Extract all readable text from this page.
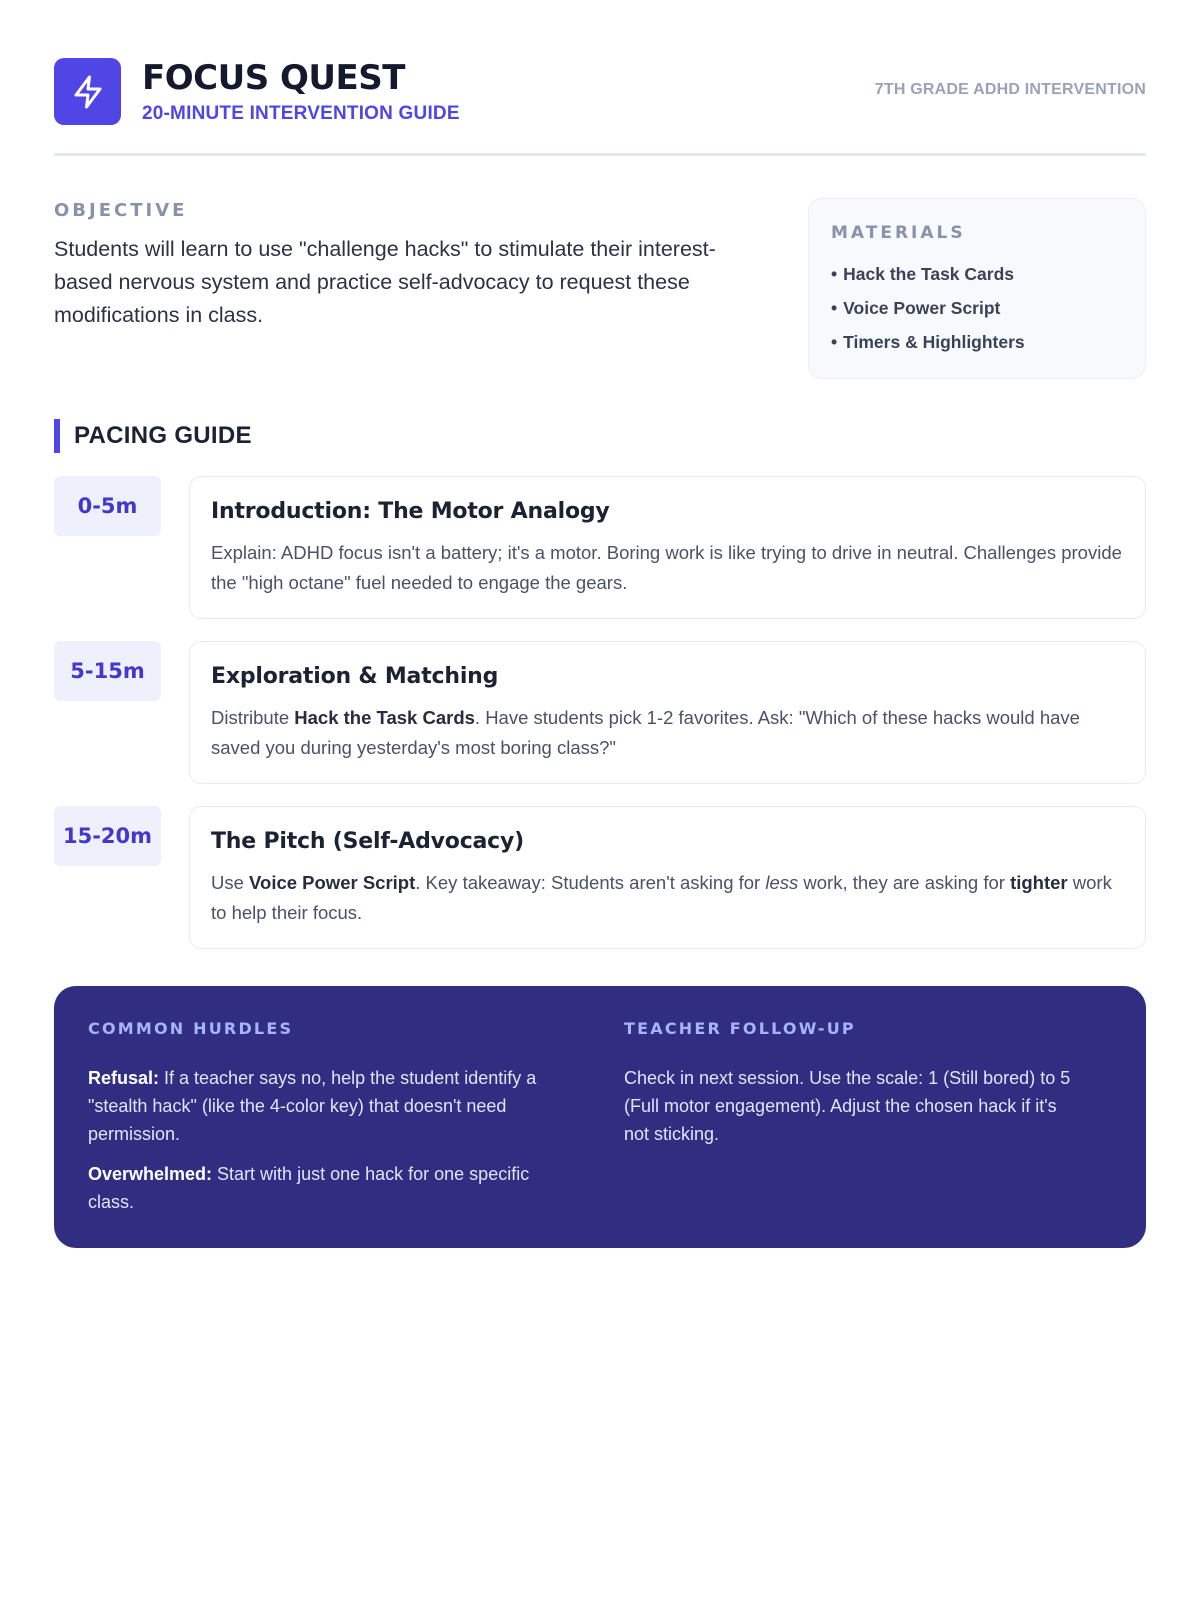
FOCUS QUEST
20-MINUTE INTERVENTION GUIDE
7TH GRADE ADHD INTERVENTION
OBJECTIVE

Students will learn to use "challenge hacks" to stimulate their interest-based nervous system and practice self-advocacy to request these modifications in class.

MATERIALS
• Hack the Task Cards
• Voice Power Script
• Timers & Highlighters
PACING GUIDE
0-5m	Introduction: The Motor Analogy

Explain: ADHD focus isn't a battery; it's a motor. Boring work is like trying to drive in neutral. Challenges provide the "high octane" fuel needed to engage the gears.

5-15m	Exploration & Matching

Distribute Hack the Task Cards. Have students pick 1-2 favorites. Ask: "Which of these hacks would have saved you during yesterday's most boring class?"

15-20m	The Pitch (Self-Advocacy)

Use Voice Power Script. Key takeaway: Students aren't asking for less work, they are asking for tighter work to help their focus.

COMMON HURDLES

Refusal: If a teacher says no, help the student identify a "stealth hack" (like the 4-color key) that doesn't need permission.

Overwhelmed: Start with just one hack for one specific class.

TEACHER FOLLOW-UP

Check in next session. Use the scale: 1 (Still bored) to 5 (Full motor engagement). Adjust the chosen hack if it's not sticking.
